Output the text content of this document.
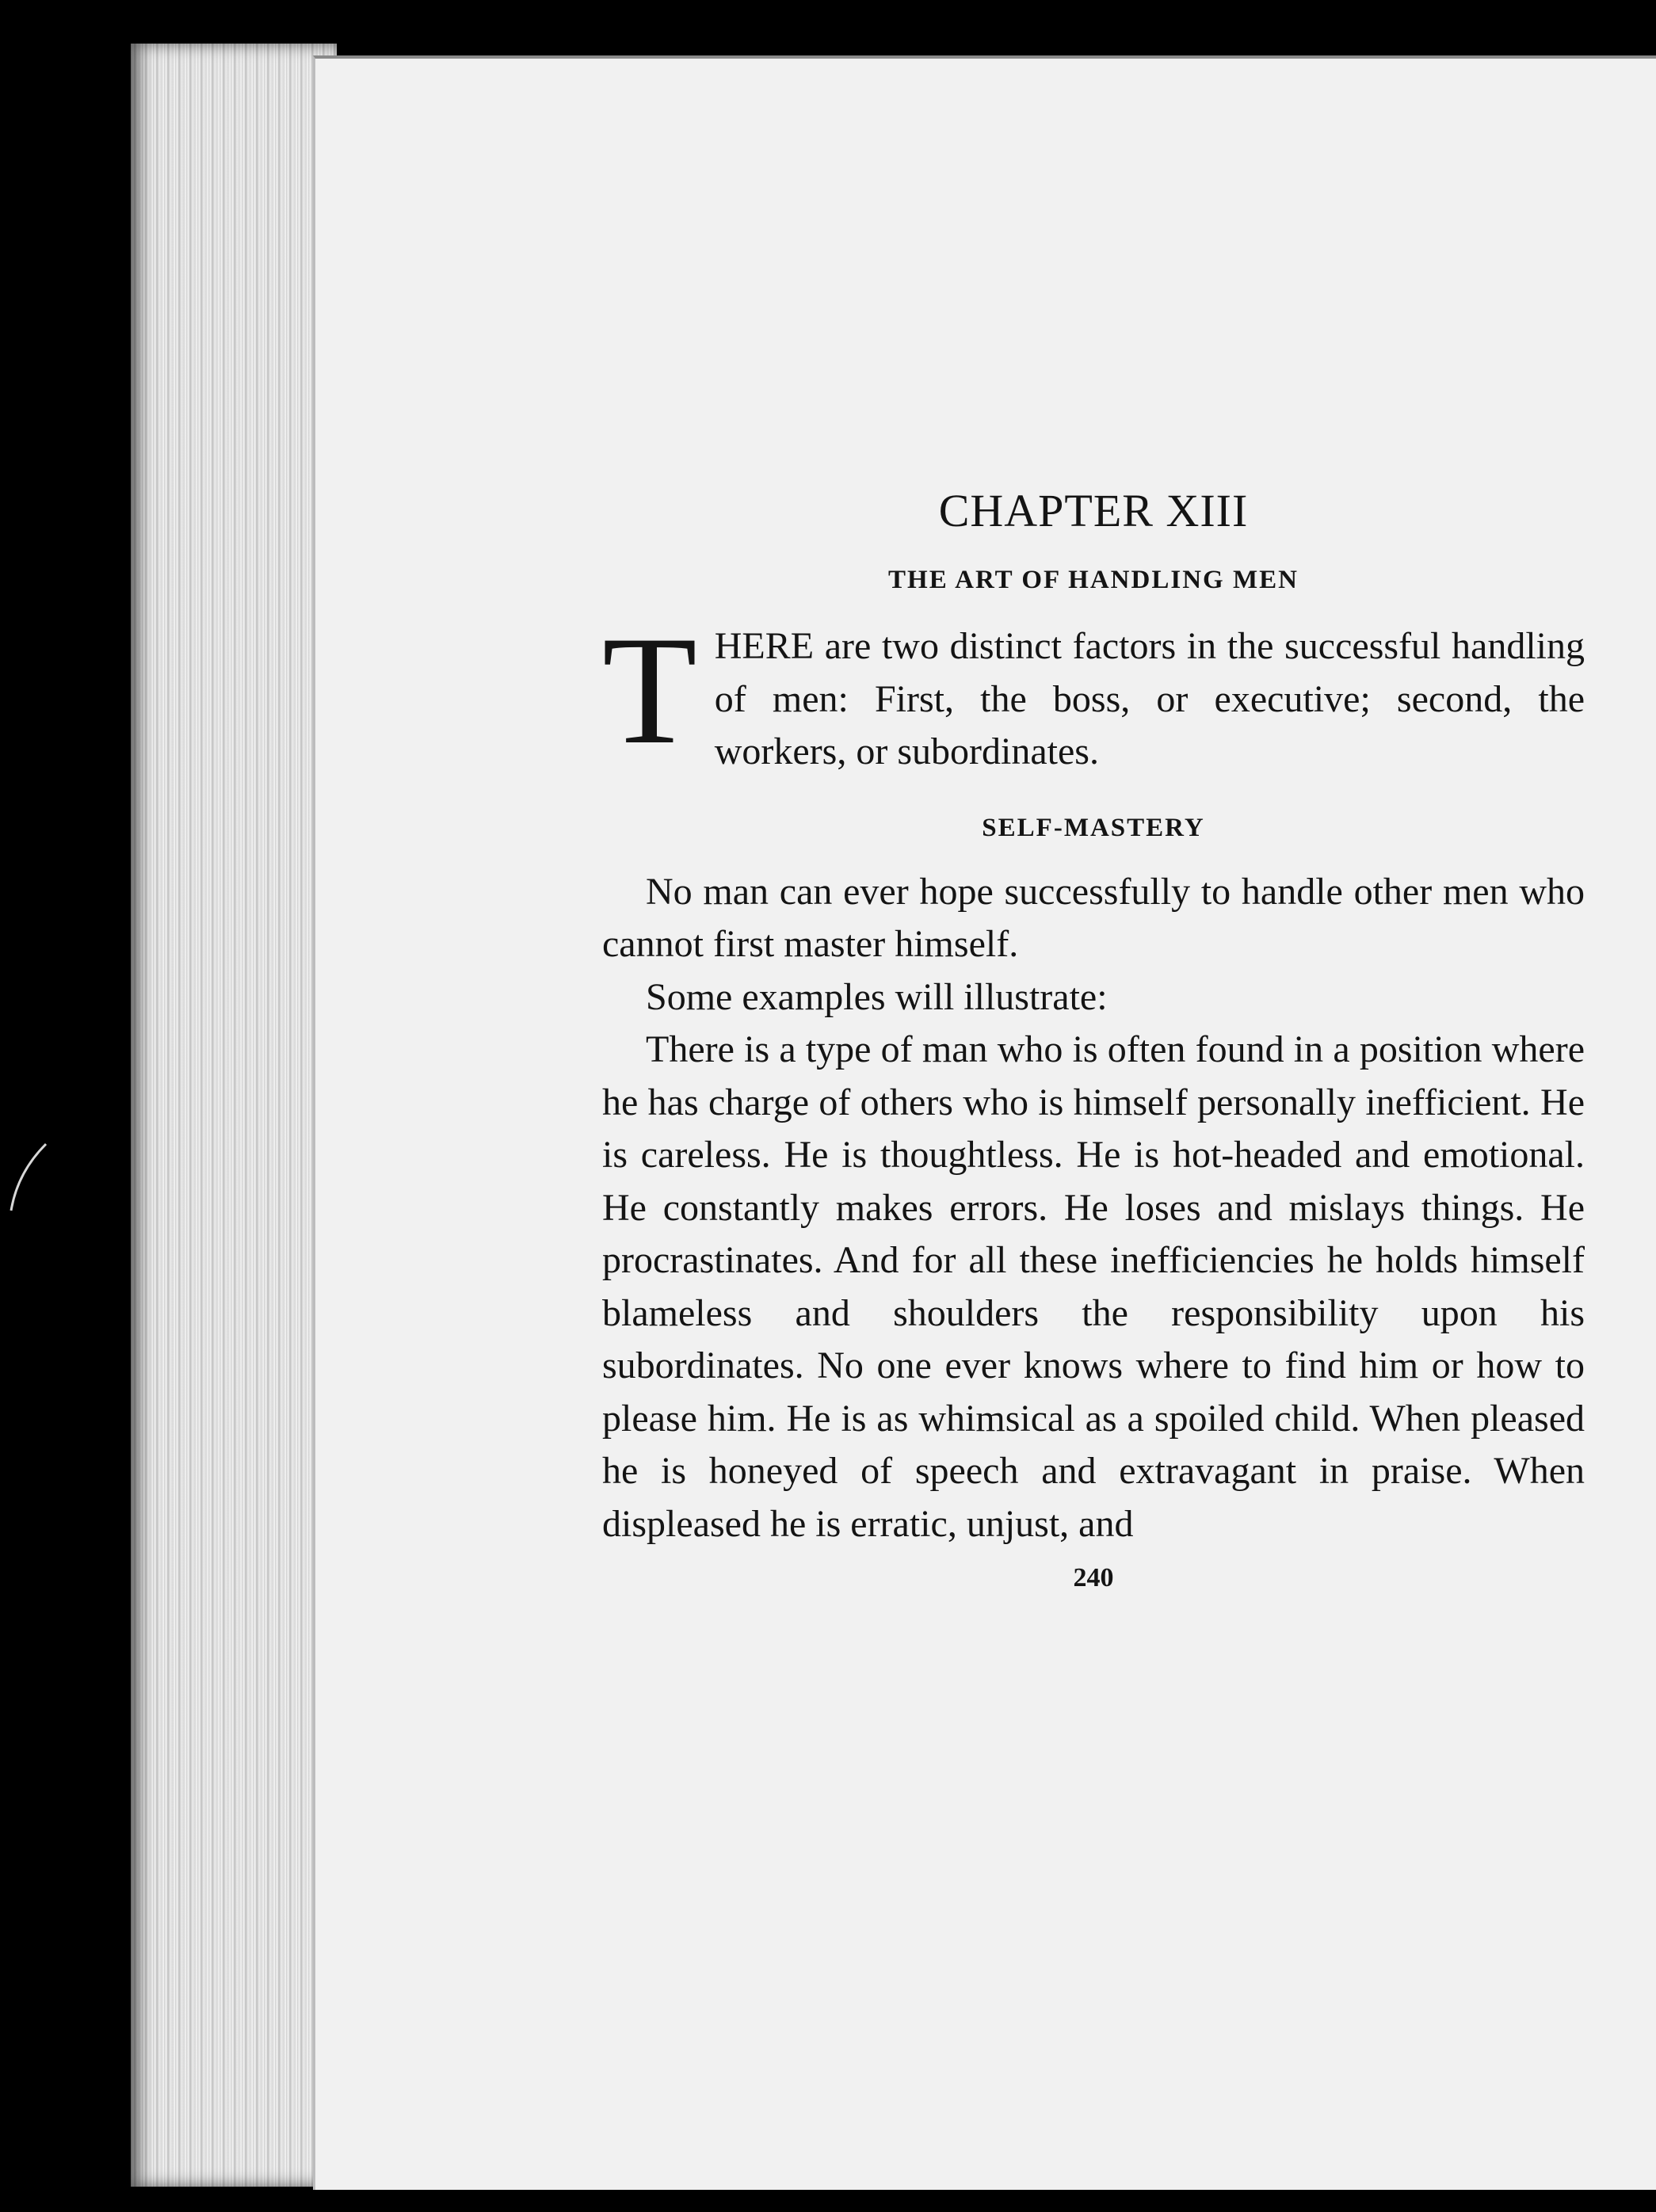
CHAPTER XIII
THE ART OF HANDLING MEN

T HERE are two distinct factors in the successful handling of men: First, the boss, or executive; second, the workers, or subordinates.

SELF-MASTERY

No man can ever hope successfully to handle other men who cannot first master himself.

Some examples will illustrate:

There is a type of man who is often found in a position where he has charge of others who is himself personally inefficient. He is careless. He is thoughtless. He is hot-headed and emotional. He constantly makes errors. He loses and mislays things. He procrastinates. And for all these inefficiencies he holds himself blameless and shoulders the responsibility upon his subordinates. No one ever knows where to find him or how to please him. He is as whimsical as a spoiled child. When pleased he is honeyed of speech and extravagant in praise. When displeased he is erratic, unjust, and

240
